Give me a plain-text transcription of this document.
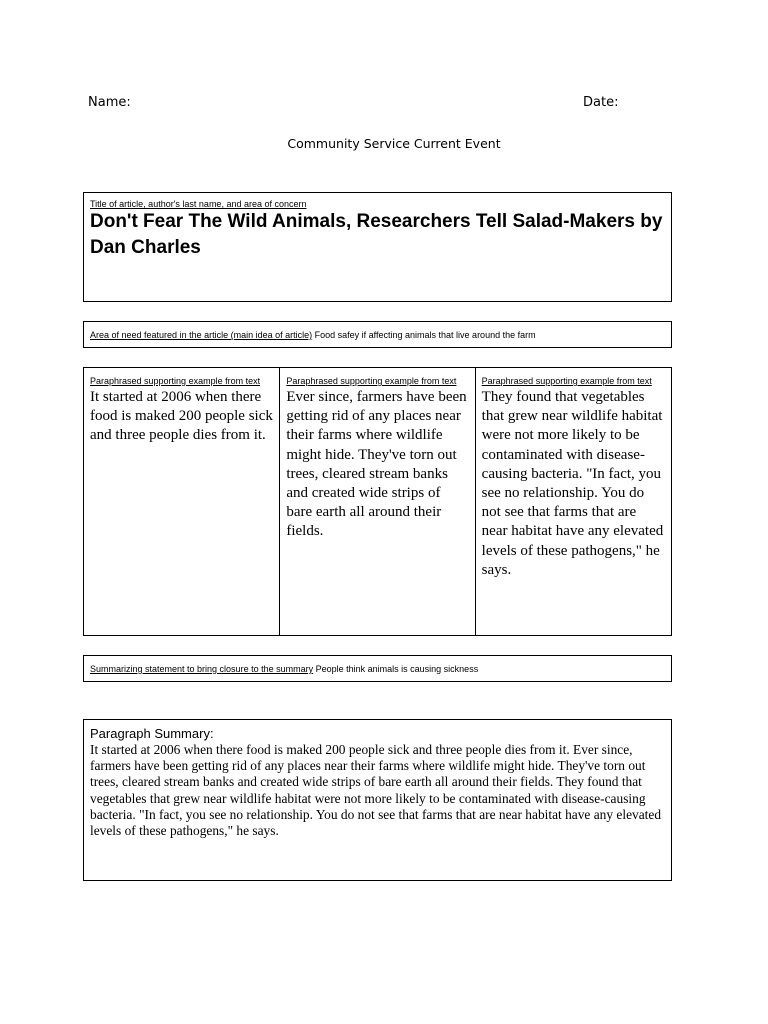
Name:	Date:
Community Service Current Event
Title of article, author's last name, and area of concern
Don't Fear The Wild Animals, Researchers Tell Salad-Makers by Dan Charles
Area of need featured in the article (main idea of article) Food safey if affecting animals that live around the farm
Paraphrased supporting example from text
It started at 2006 when there food is maked 200 people sick and three people dies from it.
Paraphrased supporting example from text
Ever since, farmers have been getting rid of any places near their farms where wildlife might hide. They've torn out trees, cleared stream banks and created wide strips of bare earth all around their fields.
Paraphrased supporting example from text
They found that vegetables that grew near wildlife habitat were not more likely to be contaminated with disease-causing bacteria. "In fact, you see no relationship. You do not see that farms that are near habitat have any elevated levels of these pathogens," he says.
Summarizing statement to bring closure to the summary People think animals is causing sickness
Paragraph Summary:
It started at 2006 when there food is maked 200 people sick and three people dies from it. Ever since, farmers have been getting rid of any places near their farms where wildlife might hide. They've torn out trees, cleared stream banks and created wide strips of bare earth all around their fields. They found that vegetables that grew near wildlife habitat were not more likely to be contaminated with disease-causing bacteria. "In fact, you see no relationship. You do not see that farms that are near habitat have any elevated levels of these pathogens," he says.
